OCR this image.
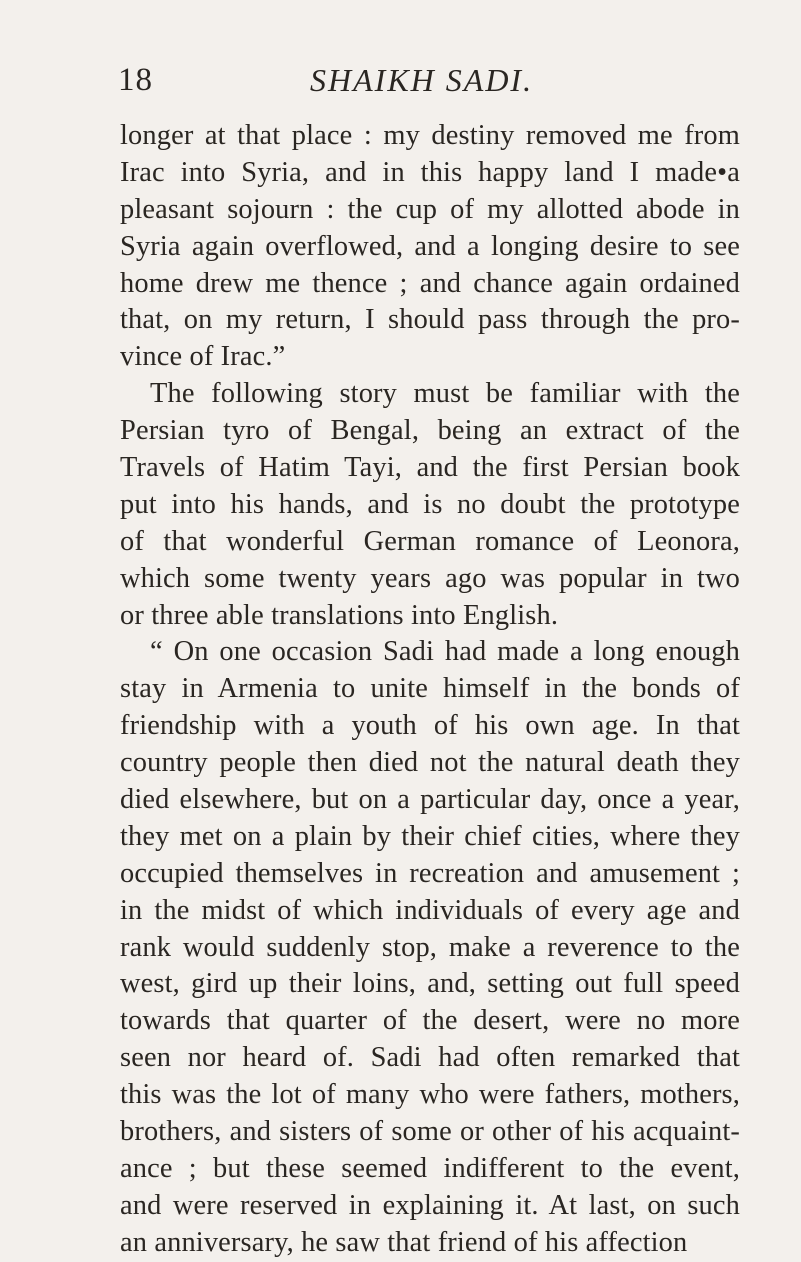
18	SHAIKH SADI.
longer at that place : my destiny removed me from
Irac into Syria, and in this happy land I made•a
pleasant sojourn : the cup of my allotted abode in
Syria again overflowed, and a longing desire to see
home drew me thence ; and chance again ordained
that, on my return, I should pass through the pro-
vince of Irac.”
The following story must be familiar with the
Persian tyro of Bengal, being an extract of the
Travels of Hatim Tayi, and the first Persian book
put into his hands, and is no doubt the prototype
of that wonderful German romance of Leonora,
which some twenty years ago was popular in two
or three able translations into English.
“ On one occasion Sadi had made a long enough
stay in Armenia to unite himself in the bonds of
friendship with a youth of his own age. In that
country people then died not the natural death they
died elsewhere, but on a particular day, once a year,
they met on a plain by their chief cities, where they
occupied themselves in recreation and amusement ;
in the midst of which individuals of every age and
rank would suddenly stop, make a reverence to the
west, gird up their loins, and, setting out full speed
towards that quarter of the desert, were no more
seen nor heard of. Sadi had often remarked that
this was the lot of many who were fathers, mothers,
brothers, and sisters of some or other of his acquaint-
ance ; but these seemed indifferent to the event,
and were reserved in explaining it. At last, on such
an anniversary, he saw that friend of his affection
